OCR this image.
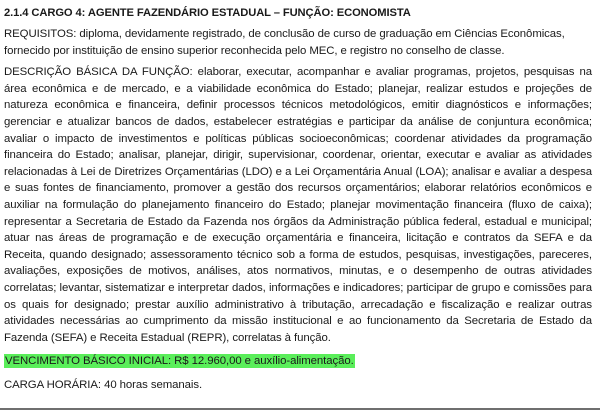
2.1.4 CARGO 4: AGENTE FAZENDÁRIO ESTADUAL – FUNÇÃO: ECONOMISTA

REQUISITOS: diploma, devidamente registrado, de conclusão de curso de graduação em Ciências Econômicas, fornecido por instituição de ensino superior reconhecida pelo MEC, e registro no conselho de classe.

DESCRIÇÃO BÁSICA DA FUNÇÃO: elaborar, executar, acompanhar e avaliar programas, projetos, pesquisas na área econômica e de mercado, e a viabilidade econômica do Estado; planejar, realizar estudos e projeções de natureza econômica e financeira, definir processos técnicos metodológicos, emitir diagnósticos e informações; gerenciar e atualizar bancos de dados, estabelecer estratégias e participar da análise de conjuntura econômica; avaliar o impacto de investimentos e políticas públicas socioeconômicas; coordenar atividades da programação financeira do Estado; analisar, planejar, dirigir, supervisionar, coordenar, orientar, executar e avaliar as atividades relacionadas à Lei de Diretrizes Orçamentárias (LDO) e a Lei Orçamentária Anual (LOA); analisar e avaliar a despesa e suas fontes de financiamento, promover a gestão dos recursos orçamentários; elaborar relatórios econômicos e auxiliar na formulação do planejamento financeiro do Estado; planejar movimentação financeira (fluxo de caixa); representar a Secretaria de Estado da Fazenda nos órgãos da Administração pública federal, estadual e municipal; atuar nas áreas de programação e de execução orçamentária e financeira, licitação e contratos da SEFA e da Receita, quando designado; assessoramento técnico sob a forma de estudos, pesquisas, investigações, pareceres, avaliações, exposições de motivos, análises, atos normativos, minutas, e o desempenho de outras atividades correlatas; levantar, sistematizar e interpretar dados, informações e indicadores; participar de grupo e comissões para os quais for designado; prestar auxílio administrativo à tributação, arrecadação e fiscalização e realizar outras atividades necessárias ao cumprimento da missão institucional e ao funcionamento da Secretaria de Estado da Fazenda (SEFA) e Receita Estadual (REPR), correlatas à função.

VENCIMENTO BÁSICO INICIAL: R$ 12.960,00 e auxílio-alimentação.

CARGA HORÁRIA: 40 horas semanais.
